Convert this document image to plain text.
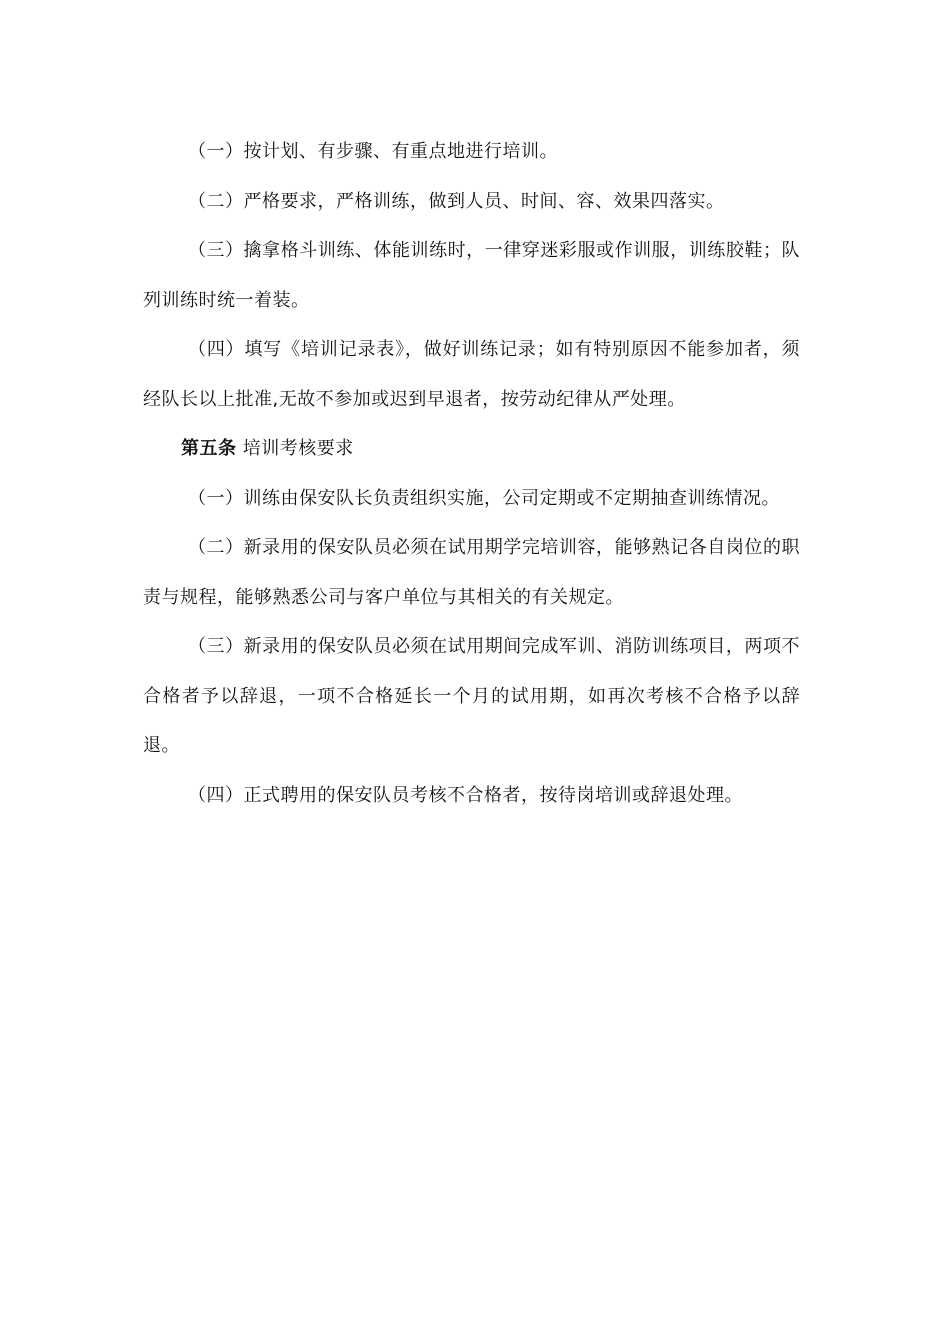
（一）按计划、有步骤、有重点地进行培训。

（二）严格要求，严格训练，做到人员、时间、容、效果四落实。

（三）擒拿格斗训练、体能训练时，一律穿迷彩服或作训服，训练胶鞋；队列训练时统一着装。

（四）填写《培训记录表》，做好训练记录；如有特别原因不能参加者，须经队长以上批准,无故不参加或迟到早退者，按劳动纪律从严处理。

第五条 培训考核要求

（一）训练由保安队长负责组织实施，公司定期或不定期抽查训练情况。

（二）新录用的保安队员必须在试用期学完培训容，能够熟记各自岗位的职责与规程，能够熟悉公司与客户单位与其相关的有关规定。

（三）新录用的保安队员必须在试用期间完成军训、消防训练项目，两项不合格者予以辞退，一项不合格延长一个月的试用期，如再次考核不合格予以辞退。

（四）正式聘用的保安队员考核不合格者，按待岗培训或辞退处理。
